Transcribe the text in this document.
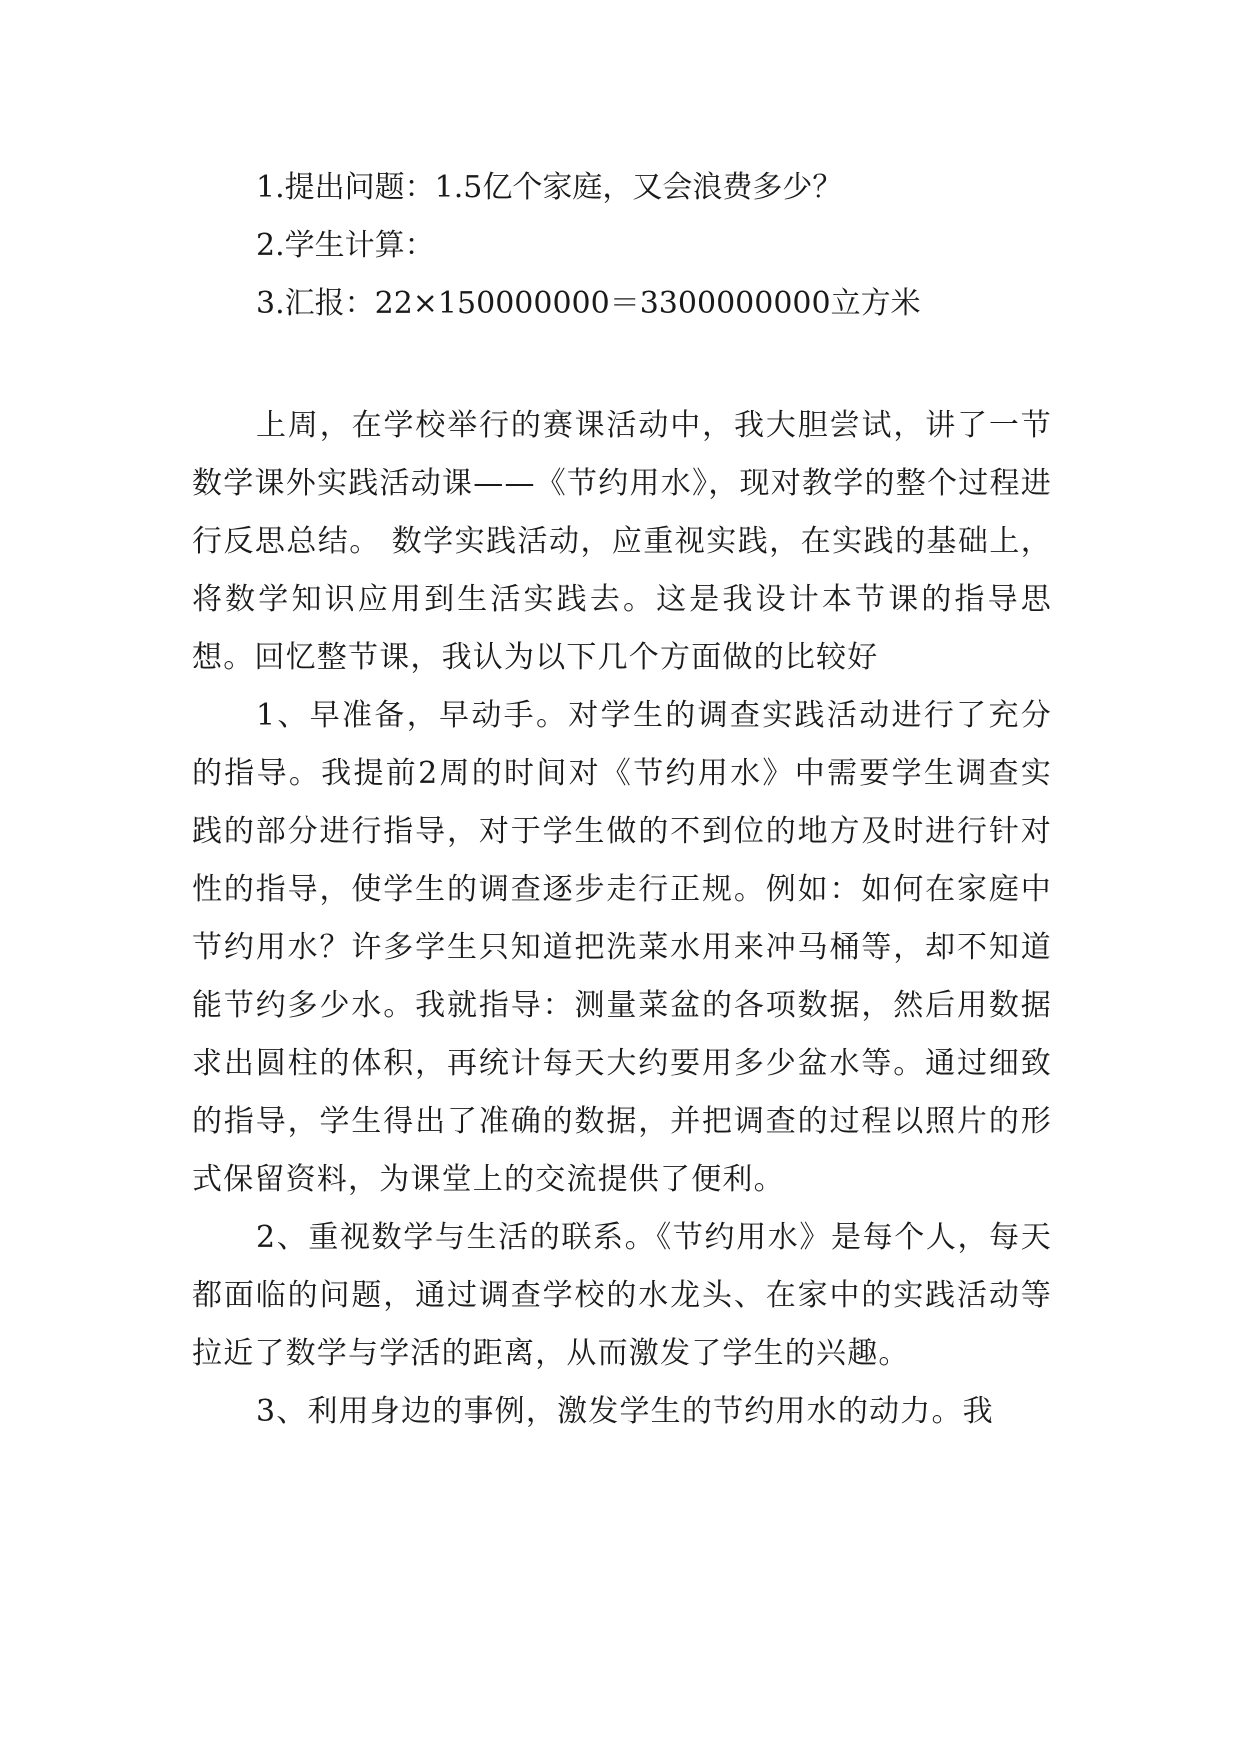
1.提出问题：1.5亿个家庭，又会浪费多少？

2.学生计算：

3.汇报：22×150000000＝3300000000立方米

上周，在学校举行的赛课活动中，我大胆尝试，讲了一节数学课外实践活动课——《节约用水》，现对教学的整个过程进行反思总结。 数学实践活动，应重视实践，在实践的基础上，将数学知识应用到生活实践去。这是我设计本节课的指导思想。回忆整节课，我认为以下几个方面做的比较好

1、早准备，早动手。对学生的调查实践活动进行了充分的指导。我提前2周的时间对《节约用水》中需要学生调查实践的部分进行指导，对于学生做的不到位的地方及时进行针对性的指导，使学生的调查逐步走行正规。例如：如何在家庭中节约用水？许多学生只知道把洗菜水用来冲马桶等，却不知道能节约多少水。我就指导：测量菜盆的各项数据，然后用数据求出圆柱的体积，再统计每天大约要用多少盆水等。通过细致的指导，学生得出了准确的数据，并把调查的过程以照片的形式保留资料，为课堂上的交流提供了便利。

2、重视数学与生活的联系。《节约用水》是每个人，每天都面临的问题，通过调查学校的水龙头、在家中的实践活动等拉近了数学与学活的距离，从而激发了学生的兴趣。

3、利用身边的事例，激发学生的节约用水的动力。我
